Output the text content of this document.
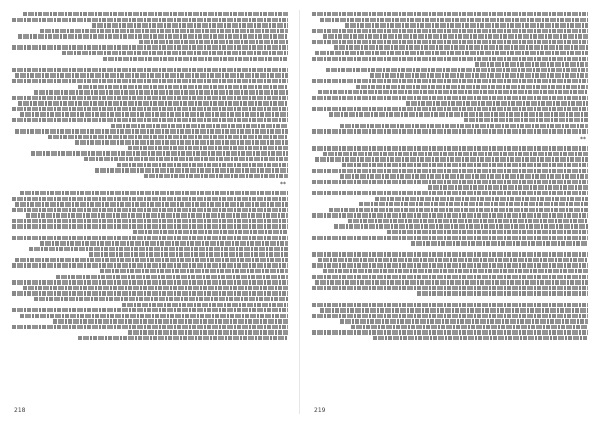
**
218
**
219
